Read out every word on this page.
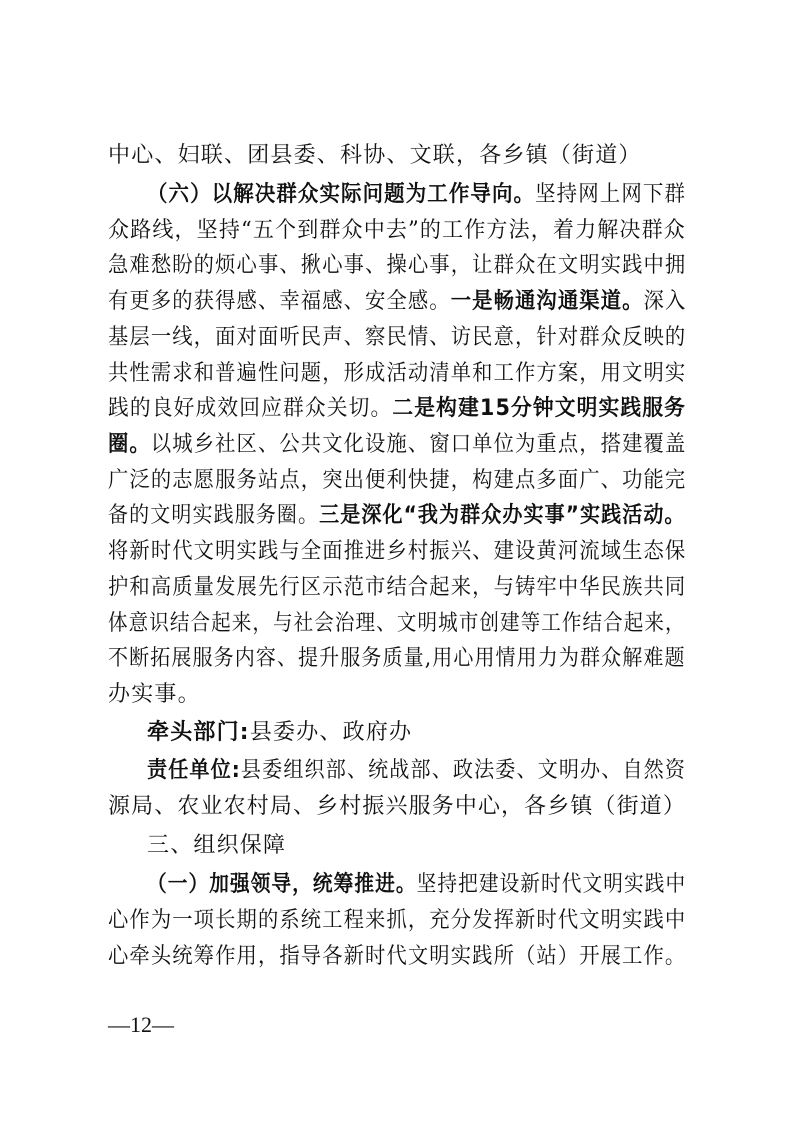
中心、妇联、团县委、科协、文联，各乡镇（街道）
（六）以解决群众实际问题为工作导向。坚持网上网下群
众路线，坚持“五个到群众中去”的工作方法，着力解决群众
急难愁盼的烦心事、揪心事、操心事，让群众在文明实践中拥
有更多的获得感、幸福感、安全感。一是畅通沟通渠道。深入
基层一线，面对面听民声、察民情、访民意，针对群众反映的
共性需求和普遍性问题，形成活动清单和工作方案，用文明实
践的良好成效回应群众关切。二是构建15分钟文明实践服务
圈。以城乡社区、公共文化设施、窗口单位为重点，搭建覆盖
广泛的志愿服务站点，突出便利快捷，构建点多面广、功能完
备的文明实践服务圈。三是深化“我为群众办实事”实践活动。
将新时代文明实践与全面推进乡村振兴、建设黄河流域生态保
护和高质量发展先行区示范市结合起来，与铸牢中华民族共同
体意识结合起来，与社会治理、文明城市创建等工作结合起来，
不断拓展服务内容、提升服务质量,用心用情用力为群众解难题
办实事。
牵头部门:县委办、政府办
责任单位:县委组织部、统战部、政法委、文明办、自然资
源局、农业农村局、乡村振兴服务中心，各乡镇（街道）
三、组织保障
（一）加强领导，统筹推进。坚持把建设新时代文明实践中
心作为一项长期的系统工程来抓，充分发挥新时代文明实践中
心牵头统筹作用，指导各新时代文明实践所（站）开展工作。
—12—
